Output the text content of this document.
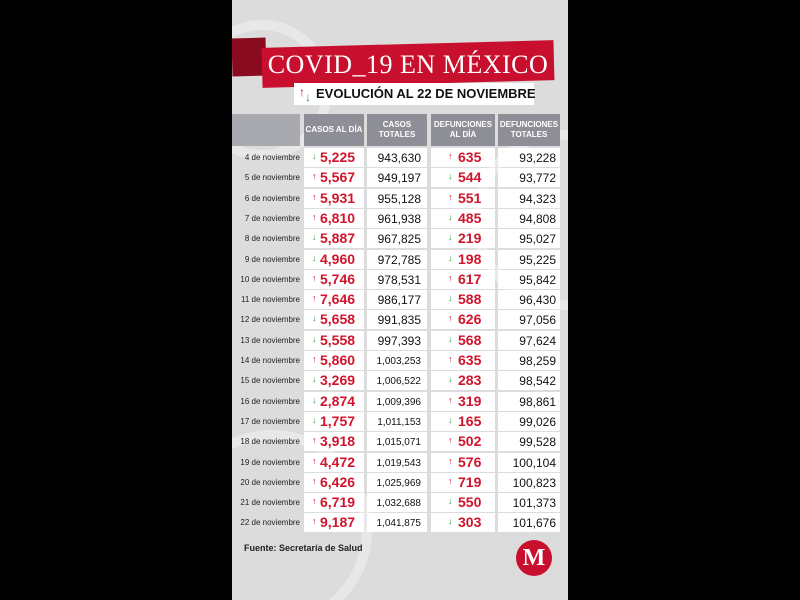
COVID_19 EN MÉXICO
↑ ↓ EVOLUCIÓN AL 22 DE NOVIEMBRE
CASOS AL DÍA
CASOS TOTALES
DEFUNCIONES AL DÍA
DEFUNCIONES TOTALES
4 de noviembre ↓ 5,225	943,630	↑ 635	93,228
5 de noviembre ↑ 5,567	949,197	↓ 544	93,772
6 de noviembre ↑ 5,931	955,128	↑ 551	94,323
7 de noviembre ↑ 6,810	961,938	↓ 485	94,808
8 de noviembre ↓ 5,887	967,825	↓ 219	95,027
9 de noviembre ↓ 4,960	972,785	↓ 198	95,225
10 de noviembre ↑ 5,746	978,531	↑ 617	95,842
11 de noviembre ↑ 7,646	986,177	↓ 588	96,430
12 de noviembre ↓ 5,658	991,835	↑ 626	97,056
13 de noviembre ↓ 5,558	997,393	↓ 568	97,624
14 de noviembre ↑ 5,860	1,003,253	↑ 635	98,259
15 de noviembre ↓ 3,269	1,006,522	↓ 283	98,542
16 de noviembre ↓ 2,874	1,009,396	↑ 319	98,861
17 de noviembre ↓ 1,757	1,011,153	↓ 165	99,026
18 de noviembre ↑ 3,918	1,015,071	↑ 502	99,528
19 de noviembre ↑ 4,472	1,019,543	↑ 576	100,104
20 de noviembre ↑ 6,426	1,025,969	↑ 719	100,823
21 de noviembre ↑ 6,719	1,032,688	↓ 550	101,373
22 de noviembre ↑ 9,187	1,041,875	↓ 303	101,676
Fuente: Secretaría de Salud	M
